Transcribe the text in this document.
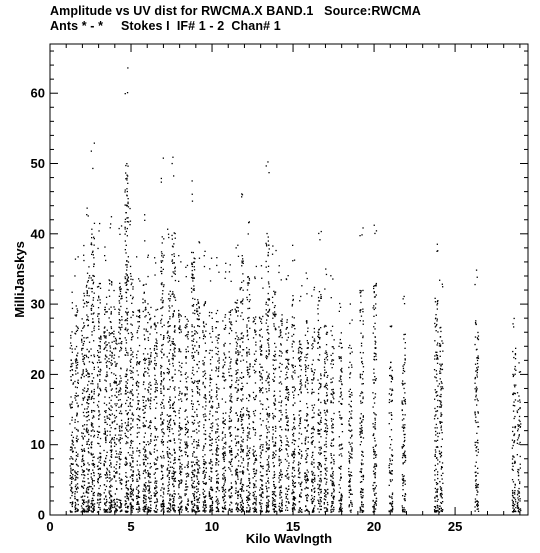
Amplitude vs UV dist for RWCMA.X BAND.1   Source:RWCMA
Ants * - *     Stokes I  IF# 1 - 2  Chan# 1
0	5	10	15	20	25
0
10
20
30
40
50
60
Kilo Wavlngth
MilliJanskys
